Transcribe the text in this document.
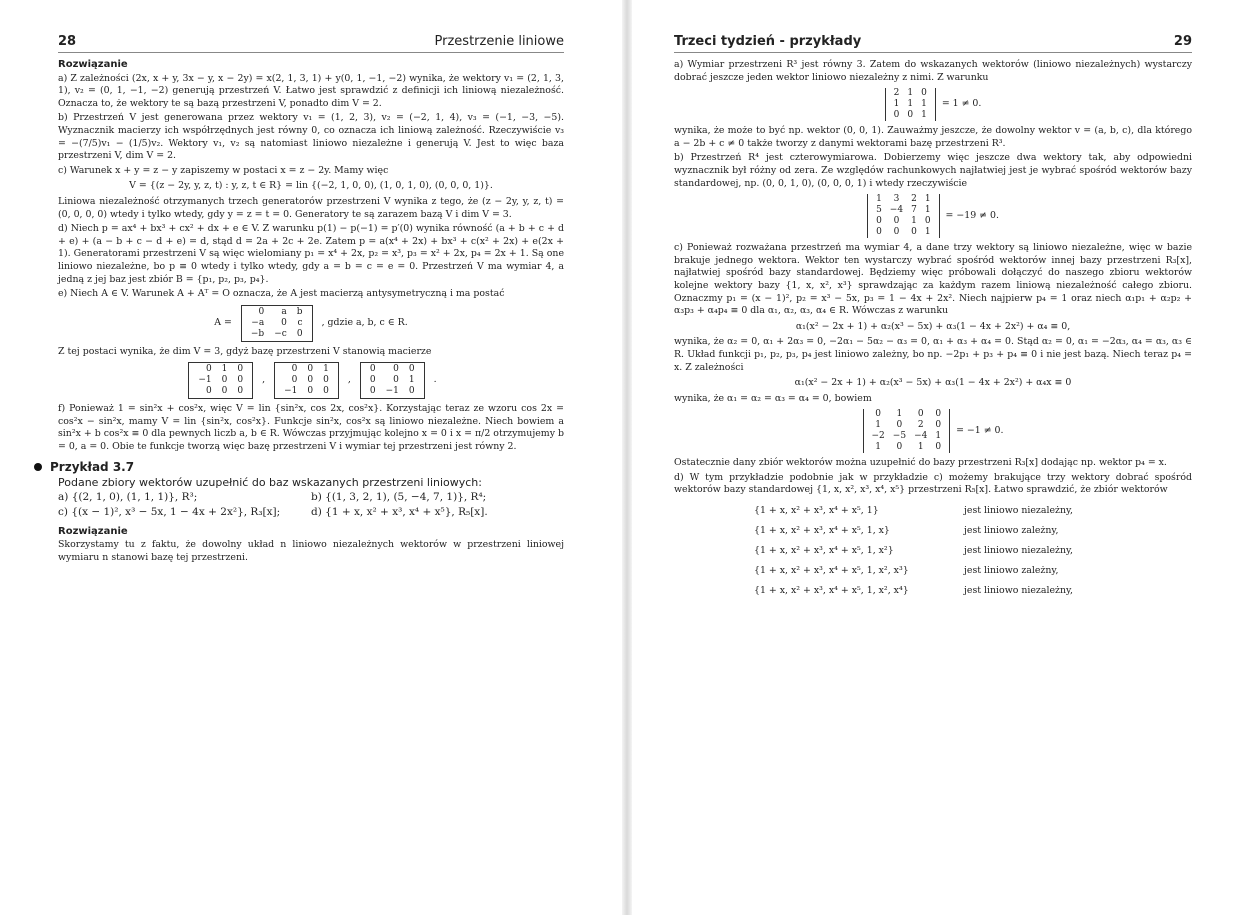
28	Przestrzenie liniowe
Rozwiązanie

a) Z zależności (2x, x + y, 3x − y, x − 2y) = x(2, 1, 3, 1) + y(0, 1, −1, −2) wynika, że wektory v₁ = (2, 1, 3, 1), v₂ = (0, 1, −1, −2) generują przestrzeń V. Łatwo jest sprawdzić z definicji ich liniową niezależność. Oznacza to, że wektory te są bazą przestrzeni V, ponadto dim V = 2.

b) Przestrzeń V jest generowana przez wektory v₁ = (1, 2, 3), v₂ = (−2, 1, 4), v₃ = (−1, −3, −5). Wyznacznik macierzy ich współrzędnych jest równy 0, co oznacza ich liniową zależność. Rzeczywiście v₃ = −(7/5)v₁ − (1/5)v₂. Wektory v₁, v₂ są natomiast liniowo niezależne i generują V. Jest to więc baza przestrzeni V, dim V = 2.

c) Warunek x + y = z − y zapiszemy w postaci x = z − 2y. Mamy więc

V = {(z − 2y, y, z, t) : y, z, t ∈ R} = lin {(−2, 1, 0, 0), (1, 0, 1, 0), (0, 0, 0, 1)}.

Liniowa niezależność otrzymanych trzech generatorów przestrzeni V wynika z tego, że (z − 2y, y, z, t) = (0, 0, 0, 0) wtedy i tylko wtedy, gdy y = z = t = 0. Generatory te są zarazem bazą V i dim V = 3.

d) Niech p = ax⁴ + bx³ + cx² + dx + e ∈ V. Z warunku p(1) − p(−1) = p′(0) wynika równość (a + b + c + d + e) + (a − b + c − d + e) = d, stąd d = 2a + 2c + 2e. Zatem p = a(x⁴ + 2x) + bx³ + c(x² + 2x) + e(2x + 1). Generatorami przestrzeni V są więc wielomiany p₁ = x⁴ + 2x, p₂ = x³, p₃ = x² + 2x, p₄ = 2x + 1. Są one liniowo niezależne, bo p ≡ 0 wtedy i tylko wtedy, gdy a = b = c = e = 0. Przestrzeń V ma wymiar 4, a jedną z jej baz jest zbiór B = {p₁, p₂, p₃, p₄}.

e) Niech A ∈ V. Warunek A + Aᵀ = O oznacza, że A jest macierzą antysymetryczną i ma postać

A =
0	a	b
−a	0	c
−b	−c	0
, gdzie a, b, c ∈ R.

Z tej postaci wynika, że dim V = 3, gdyż bazę przestrzeni V stanowią macierze

0	1	0
−1	0	0
0	0	0
,
0	0	1
0	0	0
−1	0	0
,
0	0	0
0	0	1
0	−1	0
.

f) Ponieważ 1 = sin²x + cos²x, więc V = lin {sin²x, cos 2x, cos²x}. Korzystając teraz ze wzoru cos 2x = cos²x − sin²x, mamy V = lin {sin²x, cos²x}. Funkcje sin²x, cos²x są liniowo niezależne. Niech bowiem a sin²x + b cos²x ≡ 0 dla pewnych liczb a, b ∈ R. Wówczas przyjmując kolejno x = 0 i x = π/2 otrzymujemy b = 0, a = 0. Obie te funkcje tworzą więc bazę przestrzeni V i wymiar tej przestrzeni jest równy 2.

Przykład 3.7
Podane zbiory wektorów uzupełnić do baz wskazanych przestrzeni liniowych:
a) {(2, 1, 0), (1, 1, 1)}, R³;	b) {(1, 3, 2, 1), (5, −4, 7, 1)}, R⁴;
c) {(x − 1)², x³ − 5x, 1 − 4x + 2x²}, R₃[x];	d) {1 + x, x² + x³, x⁴ + x⁵}, R₅[x].
Rozwiązanie

Skorzystamy tu z faktu, że dowolny układ n liniowo niezależnych wektorów w przestrzeni liniowej wymiaru n stanowi bazę tej przestrzeni.

Trzeci tydzień - przykłady	29

a) Wymiar przestrzeni R³ jest równy 3. Zatem do wskazanych wektorów (liniowo niezależnych) wystarczy dobrać jeszcze jeden wektor liniowo niezależny z nimi. Z warunku

2	1	0
1	1	1
0	0	1
= 1 ≠ 0.

wynika, że może to być np. wektor (0, 0, 1). Zauważmy jeszcze, że dowolny wektor v = (a, b, c), dla którego a − 2b + c ≠ 0 także tworzy z danymi wektorami bazę przestrzeni R³.

b) Przestrzeń R⁴ jest czterowymiarowa. Dobierzemy więc jeszcze dwa wektory tak, aby odpowiedni wyznacznik był różny od zera. Ze względów rachunkowych najłatwiej jest je wybrać spośród wektorów bazy standardowej, np. (0, 0, 1, 0), (0, 0, 0, 1) i wtedy rzeczywiście

1	3	2	1
5	−4	7	1
0	0	1	0
0	0	0	1
= −19 ≠ 0.

c) Ponieważ rozważana przestrzeń ma wymiar 4, a dane trzy wektory są liniowo niezależne, więc w bazie brakuje jednego wektora. Wektor ten wystarczy wybrać spośród wektorów innej bazy przestrzeni R₃[x], najłatwiej spośród bazy standardowej. Będziemy więc próbowali dołączyć do naszego zbioru wektorów kolejne wektory bazy {1, x, x², x³} sprawdzając za każdym razem liniową niezależność całego zbioru. Oznaczmy p₁ = (x − 1)², p₂ = x³ − 5x, p₃ = 1 − 4x + 2x². Niech najpierw p₄ = 1 oraz niech α₁p₁ + α₂p₂ + α₃p₃ + α₄p₄ ≡ 0 dla α₁, α₂, α₃, α₄ ∈ R. Wówczas z warunku

α₁(x² − 2x + 1) + α₂(x³ − 5x) + α₃(1 − 4x + 2x²) + α₄ ≡ 0,

wynika, że α₂ = 0, α₁ + 2α₃ = 0, −2α₁ − 5α₂ − α₃ = 0, α₁ + α₃ + α₄ = 0. Stąd α₂ = 0, α₁ = −2α₃, α₄ = α₃, α₃ ∈ R. Układ funkcji p₁, p₂, p₃, p₄ jest liniowo zależny, bo np. −2p₁ + p₃ + p₄ ≡ 0 i nie jest bazą. Niech teraz p₄ = x. Z zależności

α₁(x² − 2x + 1) + α₂(x³ − 5x) + α₃(1 − 4x + 2x²) + α₄x ≡ 0

wynika, że α₁ = α₂ = α₃ = α₄ = 0, bowiem

0	1	0	0
1	0	2	0
−2	−5	−4	1
1	0	1	0
= −1 ≠ 0.

Ostatecznie dany zbiór wektorów można uzupełnić do bazy przestrzeni R₃[x] dodając np. wektor p₄ = x.

d) W tym przykładzie podobnie jak w przykładzie c) możemy brakujące trzy wektory dobrać spośród wektorów bazy standardowej {1, x, x², x³, x⁴, x⁵} przestrzeni R₅[x]. Łatwo sprawdzić, że zbiór wektorów

{1 + x, x² + x³, x⁴ + x⁵, 1}	jest liniowo niezależny,
{1 + x, x² + x³, x⁴ + x⁵, 1, x}	jest liniowo zależny,
{1 + x, x² + x³, x⁴ + x⁵, 1, x²}	jest liniowo niezależny,
{1 + x, x² + x³, x⁴ + x⁵, 1, x², x³}	jest liniowo zależny,
{1 + x, x² + x³, x⁴ + x⁵, 1, x², x⁴}	jest liniowo niezależny,
